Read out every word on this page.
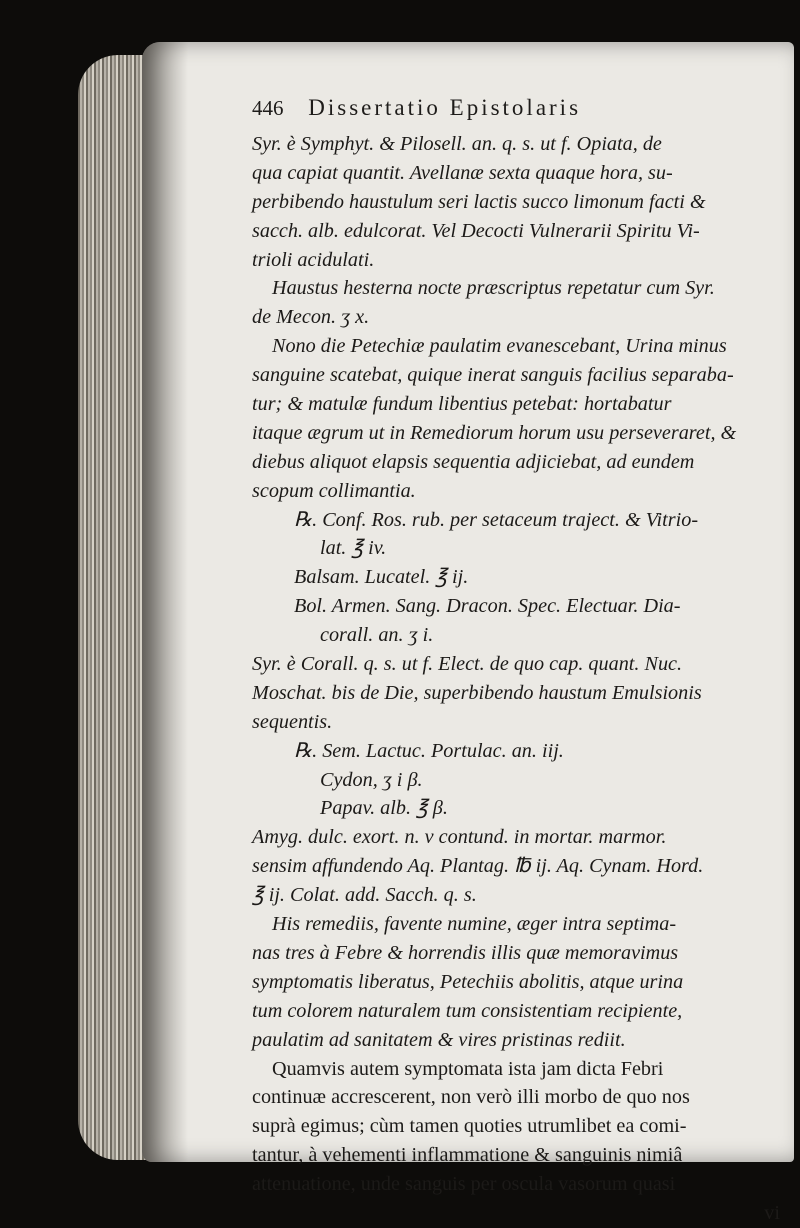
446 Dissertatio Epistolaris
Syr. è Symphyt. & Pilosell. an. q. s. ut f. Opiata, de
qua capiat quantit. Avellanæ sexta quaque hora, su-
perbibendo haustulum seri lactis succo limonum facti &
sacch. alb. edulcorat. Vel Decocti Vulnerarii Spiritu Vi-
trioli acidulati.
Haustus hesterna nocte præscriptus repetatur cum Syr.
de Mecon. ʒ x.
Nono die Petechiæ paulatim evanescebant, Urina minus
sanguine scatebat, quique inerat sanguis facilius separaba-
tur; & matulæ fundum libentius petebat: hortabatur
itaque ægrum ut in Remediorum horum usu perseveraret, &
diebus aliquot elapsis sequentia adjiciebat, ad eundem
scopum collimantia.
℞. Conf. Ros. rub. per setaceum traject. & Vitrio-
lat. ℥ iv.
Balsam. Lucatel. ℥ ij.
Bol. Armen. Sang. Dracon. Spec. Electuar. Dia-
corall. an. ʒ i.
Syr. è Corall. q. s. ut f. Elect. de quo cap. quant. Nuc.
Moschat. bis de Die, superbibendo haustum Emulsionis
sequentis.
℞. Sem. Lactuc. Portulac. an. iij.
Cydon, ʒ i β.
Papav. alb. ℥ β.
Amyg. dulc. exort. n. v contund. in mortar. marmor.
sensim affundendo Aq. Plantag. ℔ ij. Aq. Cynam. Hord.
℥ ij. Colat. add. Sacch. q. s.
His remediis, favente numine, æger intra septima-
nas tres à Febre & horrendis illis quæ memoravimus
symptomatis liberatus, Petechiis abolitis, atque urina
tum colorem naturalem tum consistentiam recipiente,
paulatim ad sanitatem & vires pristinas rediit.
Quamvis autem symptomata ista jam dicta Febri
continuæ accrescerent, non verò illi morbo de quo nos
suprà egimus; cùm tamen quoties utrumlibet ea comi-
tantur, à vehementi inflammatione & sanguinis nimiâ
attenuatione, unde sanguis per osculа vasorum quasi
vi
